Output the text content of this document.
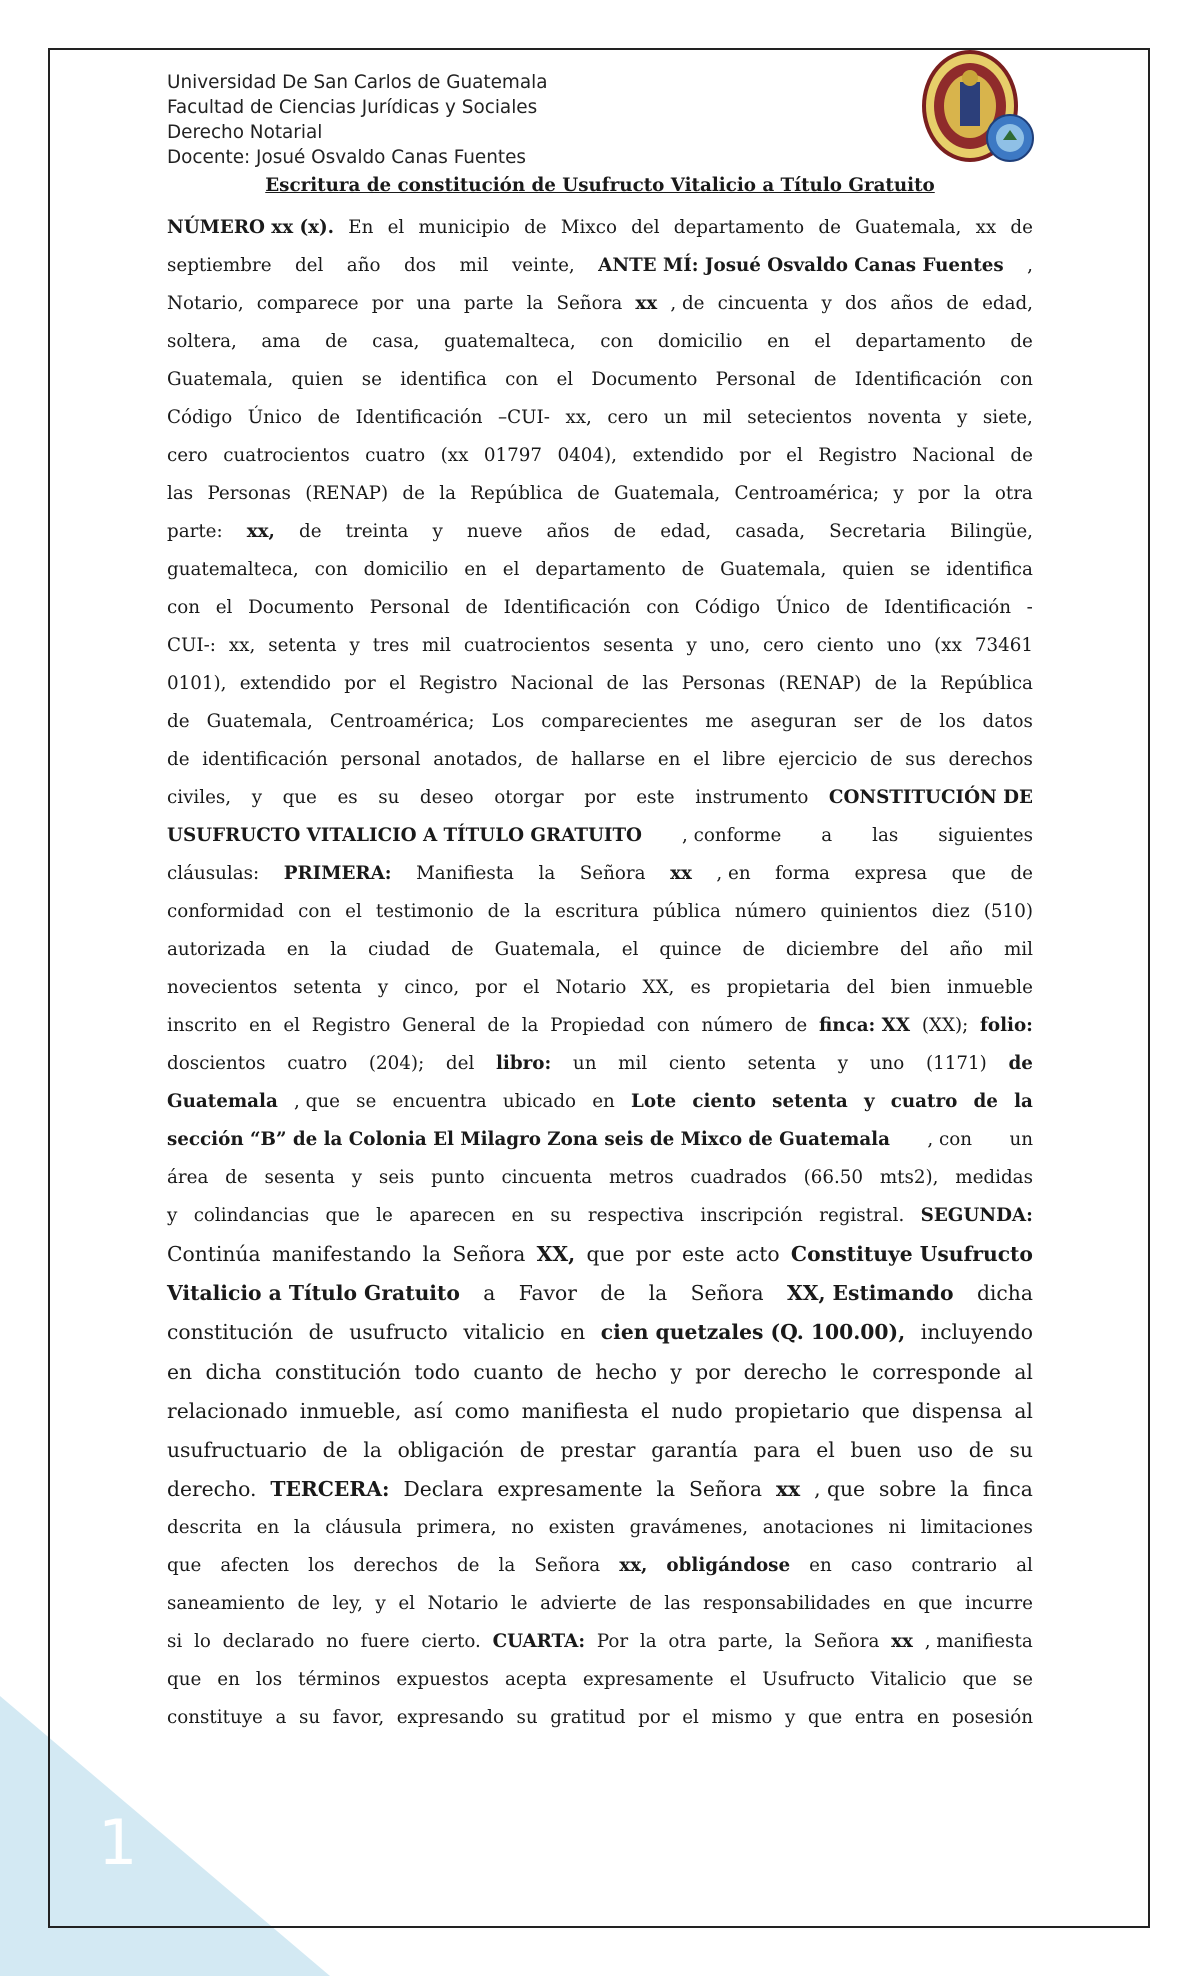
1
Universidad De San Carlos de Guatemala
Facultad de Ciencias Jurídicas y Sociales
Derecho Notarial
Docente: Josué Osvaldo Canas Fuentes
Escritura de constitución de Usufructo Vitalicio a Título Gratuito
NÚMERO xx (x). En el municipio de Mixco del departamento de Guatemala, xx de
septiembre del año dos mil veinte, ANTE MÍ: Josué Osvaldo Canas Fuentes ,
Notario, comparece por una parte la Señora xx , de cincuenta y dos años de edad,
soltera, ama de casa, guatemalteca, con domicilio en el departamento de
Guatemala, quien se identifica con el Documento Personal de Identificación con
Código Único de Identificación –CUI- xx, cero un mil setecientos noventa y siete,
cero cuatrocientos cuatro (xx 01797 0404), extendido por el Registro Nacional de
las Personas (RENAP) de la República de Guatemala, Centroamérica; y por la otra
parte: xx, de treinta y nueve años de edad, casada, Secretaria Bilingüe,
guatemalteca, con domicilio en el departamento de Guatemala, quien se identifica
con el Documento Personal de Identificación con Código Único de Identificación -
CUI-: xx, setenta y tres mil cuatrocientos sesenta y uno, cero ciento uno (xx 73461
0101), extendido por el Registro Nacional de las Personas (RENAP) de la República
de Guatemala, Centroamérica; Los comparecientes me aseguran ser de los datos
de identificación personal anotados, de hallarse en el libre ejercicio de sus derechos
civiles, y que es su deseo otorgar por este instrumento CONSTITUCIÓN DE
USUFRUCTO VITALICIO A TÍTULO GRATUITO , conforme a las siguientes
cláusulas: PRIMERA: Manifiesta la Señora xx , en forma expresa que de
conformidad con el testimonio de la escritura pública número quinientos diez (510)
autorizada en la ciudad de Guatemala, el quince de diciembre del año mil
novecientos setenta y cinco, por el Notario XX, es propietaria del bien inmueble
inscrito en el Registro General de la Propiedad con número de finca: XX (XX); folio:
doscientos cuatro (204); del libro: un mil ciento setenta y uno (1171) de
Guatemala , que se encuentra ubicado en Lote ciento setenta y cuatro de la
sección “B” de la Colonia El Milagro Zona seis de Mixco de Guatemala , con un
área de sesenta y seis punto cincuenta metros cuadrados (66.50 mts2), medidas
y colindancias que le aparecen en su respectiva inscripción registral. SEGUNDA:
Continúa manifestando la Señora XX, que por este acto Constituye Usufructo
Vitalicio a Título Gratuito a Favor de la Señora XX, Estimando dicha
constitución de usufructo vitalicio en cien quetzales (Q. 100.00), incluyendo
en dicha constitución todo cuanto de hecho y por derecho le corresponde al
relacionado inmueble, así como manifiesta el nudo propietario que dispensa al
usufructuario de la obligación de prestar garantía para el buen uso de su
derecho. TERCERA: Declara expresamente la Señora xx , que sobre la finca
descrita en la cláusula primera, no existen gravámenes, anotaciones ni limitaciones
que afecten los derechos de la Señora xx, obligándose en caso contrario al
saneamiento de ley, y el Notario le advierte de las responsabilidades en que incurre
si lo declarado no fuere cierto. CUARTA: Por la otra parte, la Señora xx , manifiesta
que en los términos expuestos acepta expresamente el Usufructo Vitalicio que se
constituye a su favor, expresando su gratitud por el mismo y que entra en posesión
